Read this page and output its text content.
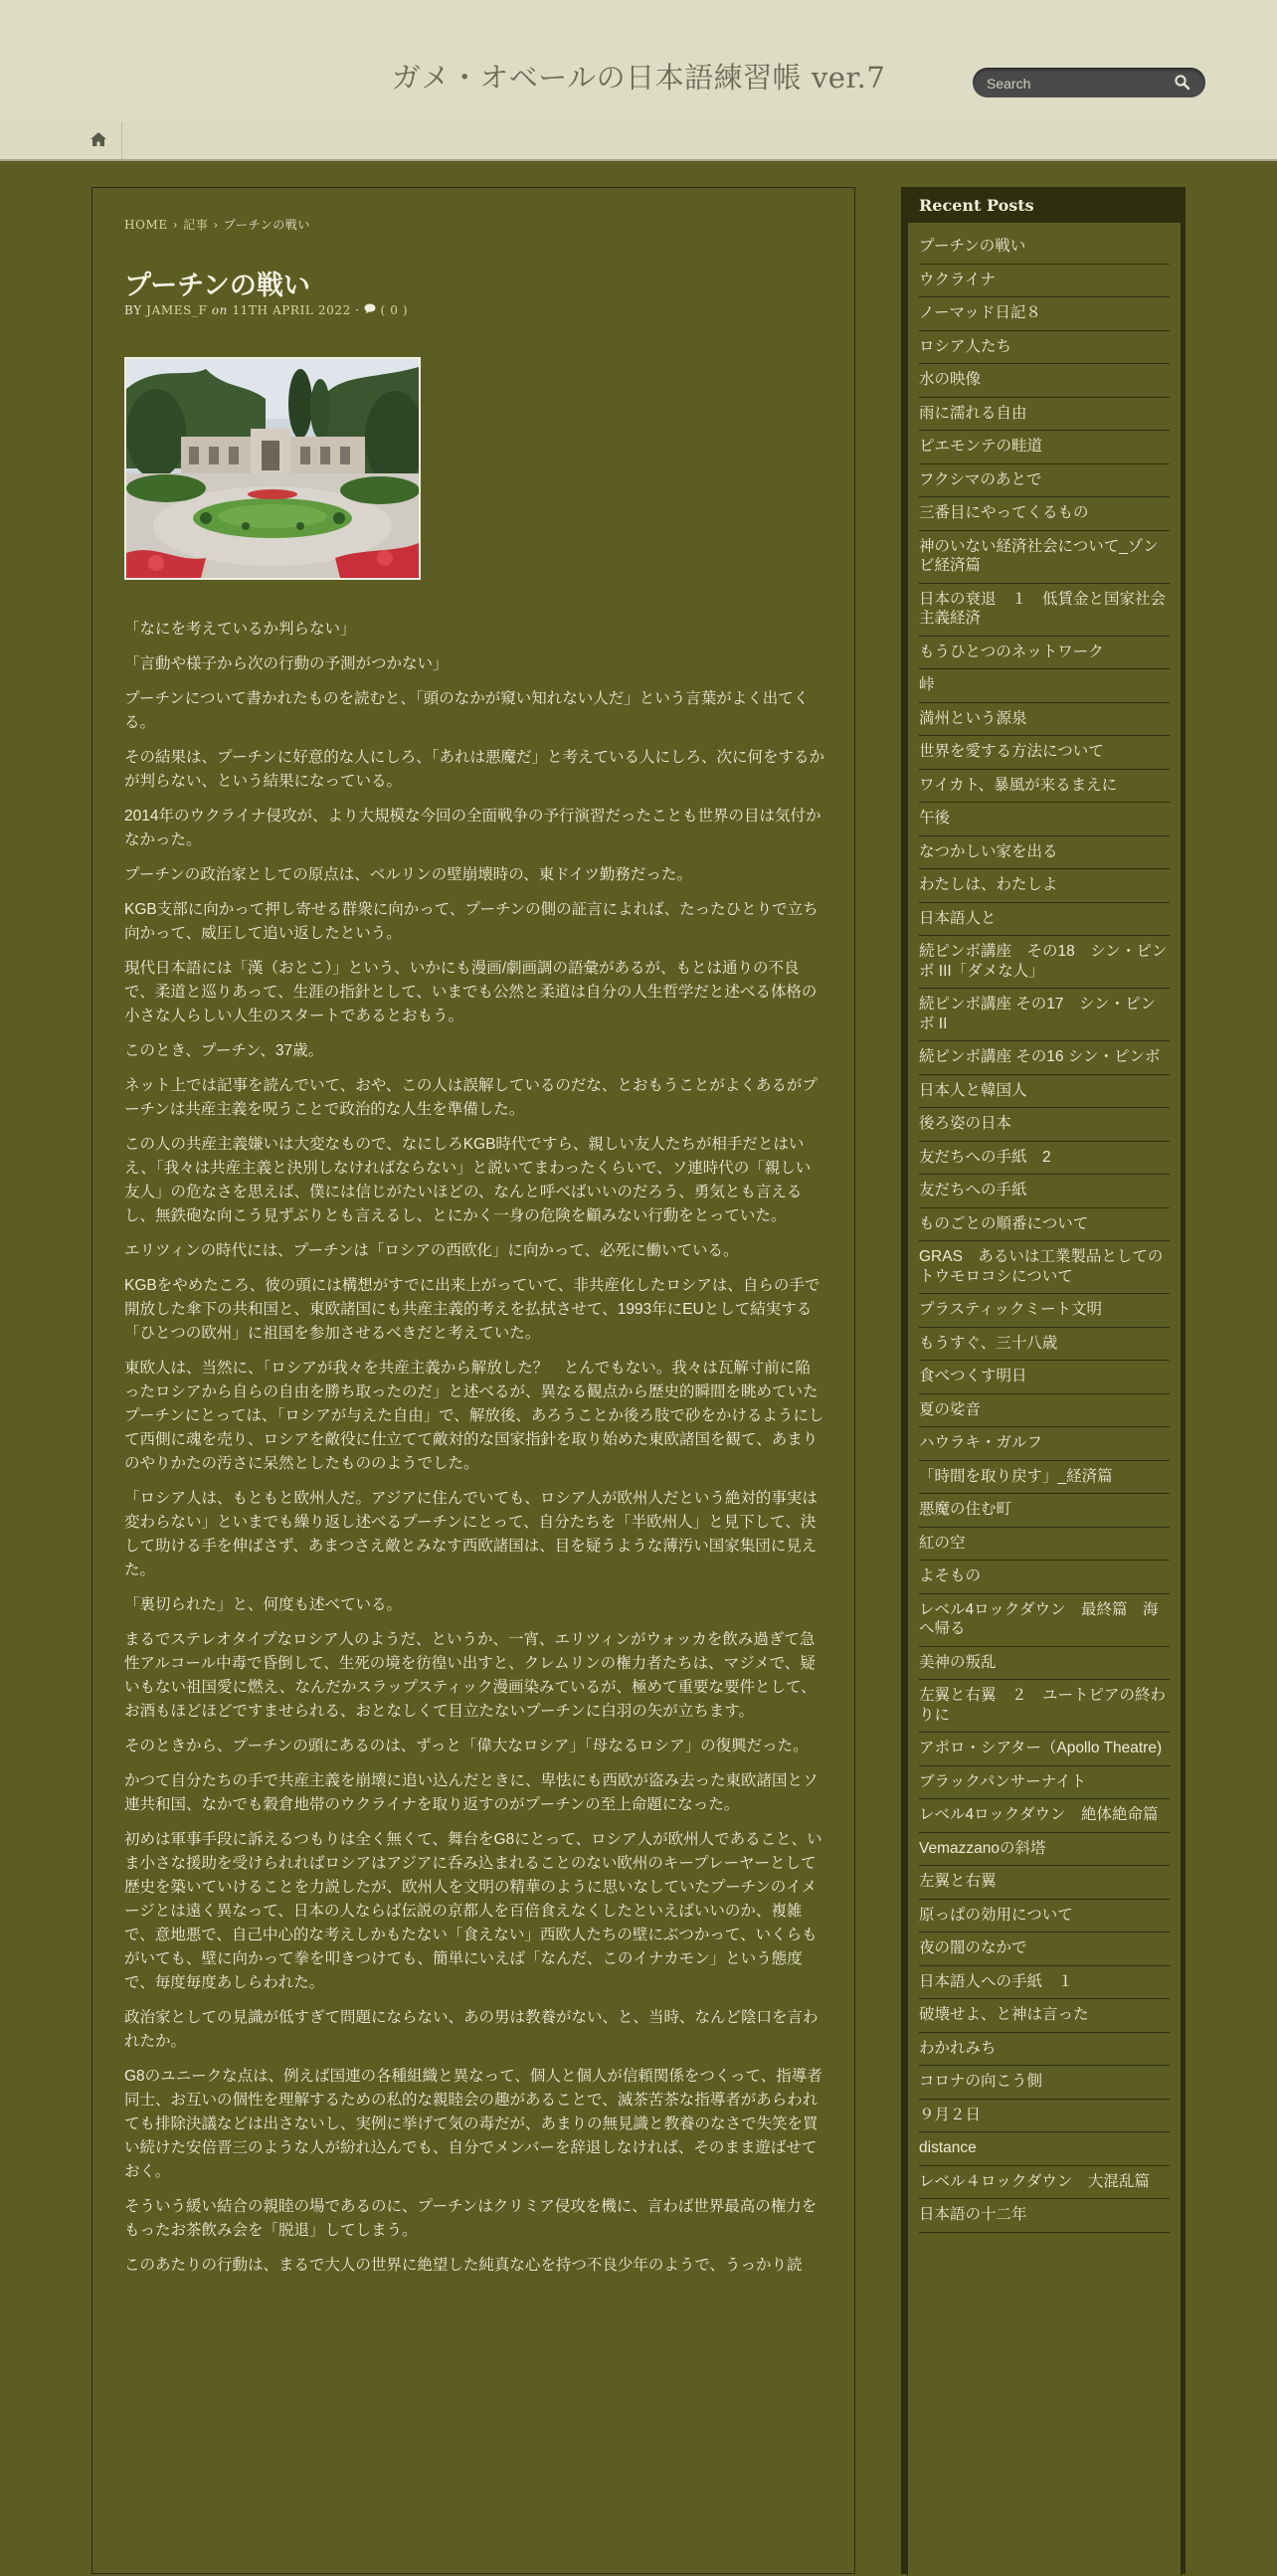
ガメ・オベールの日本語練習帳 ver.7
Search
HOME › 記事 › プーチンの戦い
プーチンの戦い
BY JAMES_F on 11TH APRIL 2022 · ( 0 )

「なにを考えているか判らない」

「言動や様子から次の行動の予測がつかない」

プーチンについて書かれたものを読むと、「頭のなかが窺い知れない人だ」という言葉がよく出てくる。

その結果は、プーチンに好意的な人にしろ、「あれは悪魔だ」と考えている人にしろ、次に何をするかが判らない、という結果になっている。

2014年のウクライナ侵攻が、より大規模な今回の全面戦争の予行演習だったことも世界の目は気付かなかった。

プーチンの政治家としての原点は、ベルリンの壁崩壊時の、東ドイツ勤務だった。

KGB支部に向かって押し寄せる群衆に向かって、プーチンの側の証言によれば、たったひとりで立ち向かって、威圧して追い返したという。

現代日本語には「漢（おとこ）」という、いかにも漫画/劇画調の語彙があるが、もとは通りの不良で、柔道と巡りあって、生涯の指針として、いまでも公然と柔道は自分の人生哲学だと述べる体格の小さな人らしい人生のスタートであるとおもう。

このとき、プーチン、37歳。

ネット上では記事を読んでいて、おや、この人は誤解しているのだな、とおもうことがよくあるがプーチンは共産主義を呪うことで政治的な人生を準備した。

この人の共産主義嫌いは大変なもので、なにしろKGB時代ですら、親しい友人たちが相手だとはいえ、「我々は共産主義と決別しなければならない」と説いてまわったくらいで、ソ連時代の「親しい友人」の危なさを思えば、僕には信じがたいほどの、なんと呼べばいいのだろう、勇気とも言えるし、無鉄砲な向こう見ずぶりとも言えるし、とにかく一身の危険を顧みない行動をとっていた。

エリツィンの時代には、プーチンは「ロシアの西欧化」に向かって、必死に働いている。

KGBをやめたころ、彼の頭には構想がすでに出来上がっていて、非共産化したロシアは、自らの手で開放した傘下の共和国と、東欧諸国にも共産主義的考えを払拭させて、1993年にEUとして結実する「ひとつの欧州」に祖国を参加させるべきだと考えていた。

東欧人は、当然に、「ロシアが我々を共産主義から解放した？　とんでもない。我々は瓦解寸前に陥ったロシアから自らの自由を勝ち取ったのだ」と述べるが、異なる観点から歴史的瞬間を眺めていたプーチンにとっては、「ロシアが与えた自由」で、解放後、あろうことか後ろ肢で砂をかけるようにして西側に魂を売り、ロシアを敵役に仕立てて敵対的な国家指針を取り始めた東欧諸国を観て、あまりのやりかたの汚さに呆然としたもののようでした。

「ロシア人は、もともと欧州人だ。アジアに住んでいても、ロシア人が欧州人だという絶対的事実は変わらない」といまでも繰り返し述べるプーチンにとって、自分たちを「半欧州人」と見下して、決して助ける手を伸ばさず、あまつさえ敵とみなす西欧諸国は、目を疑うような薄汚い国家集団に見えた。

「裏切られた」と、何度も述べている。

まるでステレオタイプなロシア人のようだ、というか、一宵、エリツィンがウォッカを飲み過ぎて急性アルコール中毒で昏倒して、生死の境を彷徨い出すと、クレムリンの権力者たちは、マジメで、疑いもない祖国愛に燃え、なんだかスラップスティック漫画染みているが、極めて重要な要件として、お酒もほどほどですませられる、おとなしくて目立たないプーチンに白羽の矢が立ちます。

そのときから、プーチンの頭にあるのは、ずっと「偉大なロシア」「母なるロシア」の復興だった。

かつて自分たちの手で共産主義を崩壊に追い込んだときに、卑怯にも西欧が盗み去った東欧諸国とソ連共和国、なかでも穀倉地帯のウクライナを取り返すのがプーチンの至上命題になった。

初めは軍事手段に訴えるつもりは全く無くて、舞台をG8にとって、ロシア人が欧州人であること、いま小さな援助を受けられればロシアはアジアに呑み込まれることのない欧州のキープレーヤーとして歴史を築いていけることを力説したが、欧州人を文明の精華のように思いなしていたプーチンのイメージとは遠く異なって、日本の人ならば伝説の京都人を百倍食えなくしたといえばいいのか、複雑で、意地悪で、自己中心的な考えしかもたない「食えない」西欧人たちの壁にぶつかって、いくらもがいても、壁に向かって拳を叩きつけても、簡単にいえば「なんだ、このイナカモン」という態度で、毎度毎度あしらわれた。

政治家としての見識が低すぎて問題にならない、あの男は教養がない、と、当時、なんど陰口を言われたか。

G8のユニークな点は、例えば国連の各種組織と異なって、個人と個人が信頼関係をつくって、指導者同士、お互いの個性を理解するための私的な親睦会の趣があることで、滅茶苦茶な指導者があらわれても排除決議などは出さないし、実例に挙げて気の毒だが、あまりの無見識と教養のなさで失笑を買い続けた安倍晋三のような人が紛れ込んでも、自分でメンバーを辞退しなければ、そのまま遊ばせておく。

そういう緩い結合の親睦の場であるのに、プーチンはクリミア侵攻を機に、言わば世界最高の権力をもったお茶飲み会を「脱退」してしまう。

このあたりの行動は、まるで大人の世界に絶望した純真な心を持つ不良少年のようで、うっかり読

Recent Posts
プーチンの戦い
ウクライナ
ノーマッド日記８
ロシア人たち
水の映像
雨に濡れる自由
ピエモンテの畦道
フクシマのあとで
三番目にやってくるもの
神のいない経済社会について_ゾンビ経済篇
日本の衰退　１　低賃金と国家社会主義経済
もうひとつのネットワーク
峠
満州という源泉
世界を愛する方法について
ワイカト、暴風が来るまえに
午後
なつかしい家を出る
わたしは、わたしよ
日本語人と
続ピンボ講座　その18　シン・ピンボ III「ダメな人」
続ピンボ講座 その17　シン・ピンボ II
続ピンボ講座 その16 シン・ピンボ
日本人と韓国人
後ろ姿の日本
友だちへの手紙　2
友だちへの手紙
ものごとの順番について
GRAS　あるいは工業製品としてのトウモロコシについて
プラスティックミート文明
もうすぐ、三十八歳
食べつくす明日
夏の娑音
ハウラキ・ガルフ
「時間を取り戻す」_経済篇
悪魔の住む町
紅の空
よそもの
レベル4ロックダウン　最終篇　海へ帰る
美神の叛乱
左翼と右翼　２　ユートピアの終わりに
アポロ・シアター（Apollo Theatre)
ブラックパンサーナイト
レベル4ロックダウン　絶体絶命篇
Vemazzanoの斜塔
左翼と右翼
原っぱの効用について
夜の闇のなかで
日本語人への手紙　１
破壊せよ、と神は言った
わかれみち
コロナの向こう側
９月２日
distance
レベル４ロックダウン　大混乱篇
日本語の十二年
